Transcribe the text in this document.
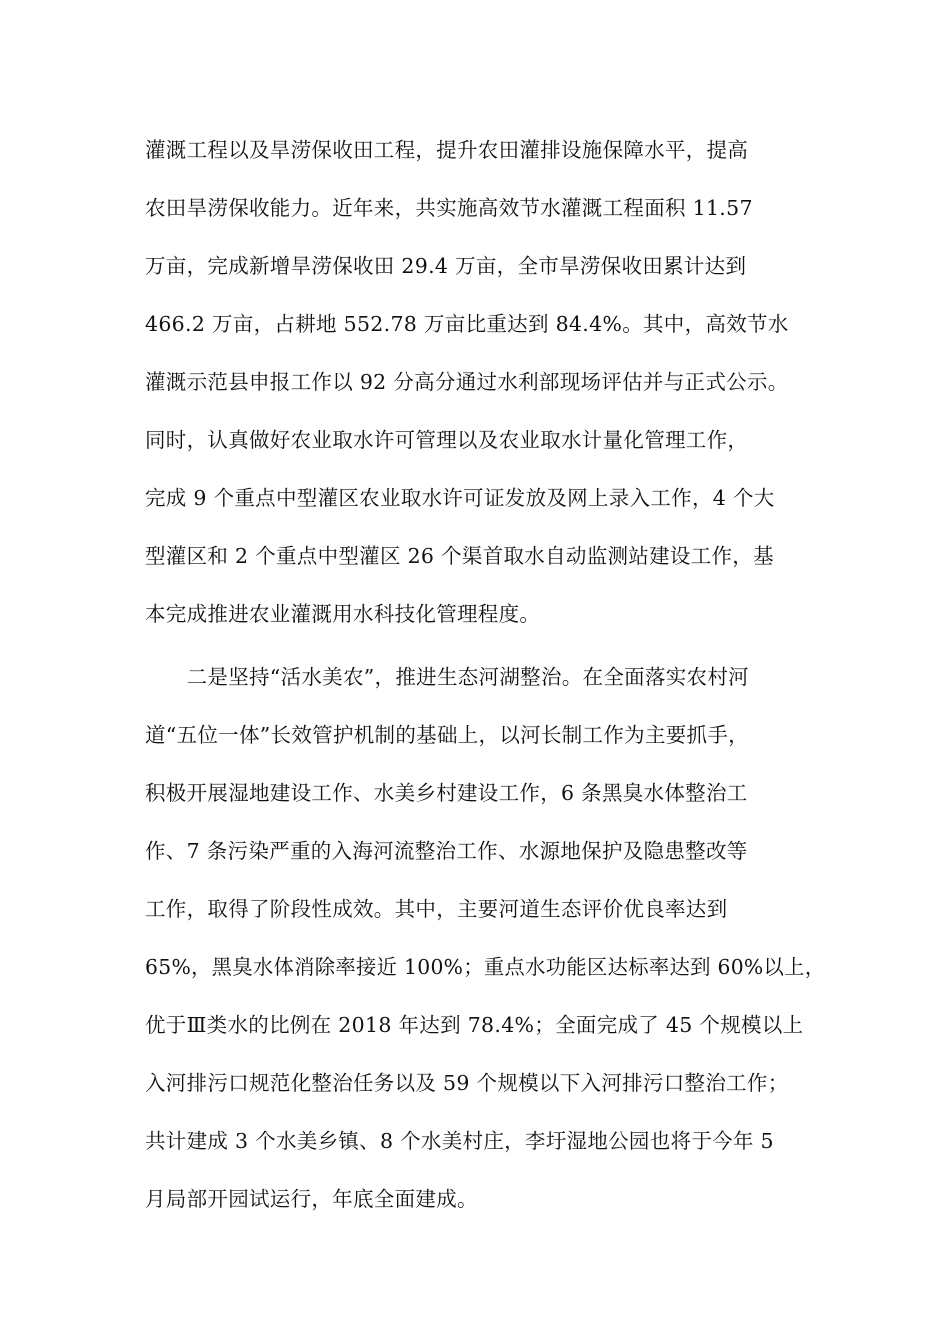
灌溉工程以及旱涝保收田工程，提升农田灌排设施保障水平，提高
农田旱涝保收能力。近年来，共实施高效节水灌溉工程面积 11.57
万亩，完成新增旱涝保收田 29.4 万亩，全市旱涝保收田累计达到
466.2 万亩，占耕地 552.78 万亩比重达到 84.4%。其中，高效节水
灌溉示范县申报工作以 92 分高分通过水利部现场评估并与正式公示。
同时，认真做好农业取水许可管理以及农业取水计量化管理工作，
完成 9 个重点中型灌区农业取水许可证发放及网上录入工作，4 个大
型灌区和 2 个重点中型灌区 26 个渠首取水自动监测站建设工作，基
本完成推进农业灌溉用水科技化管理程度。
　　二是坚持“活水美农”，推进生态河湖整治。在全面落实农村河
道“五位一体”长效管护机制的基础上，以河长制工作为主要抓手，
积极开展湿地建设工作、水美乡村建设工作，6 条黑臭水体整治工
作、7 条污染严重的入海河流整治工作、水源地保护及隐患整改等
工作，取得了阶段性成效。其中，主要河道生态评价优良率达到
65%，黑臭水体消除率接近 100%；重点水功能区达标率达到 60%以上，
优于Ⅲ类水的比例在 2018 年达到 78.4%；全面完成了 45 个规模以上
入河排污口规范化整治任务以及 59 个规模以下入河排污口整治工作；
共计建成 3 个水美乡镇、8 个水美村庄，李圩湿地公园也将于今年 5
月局部开园试运行，年底全面建成。
